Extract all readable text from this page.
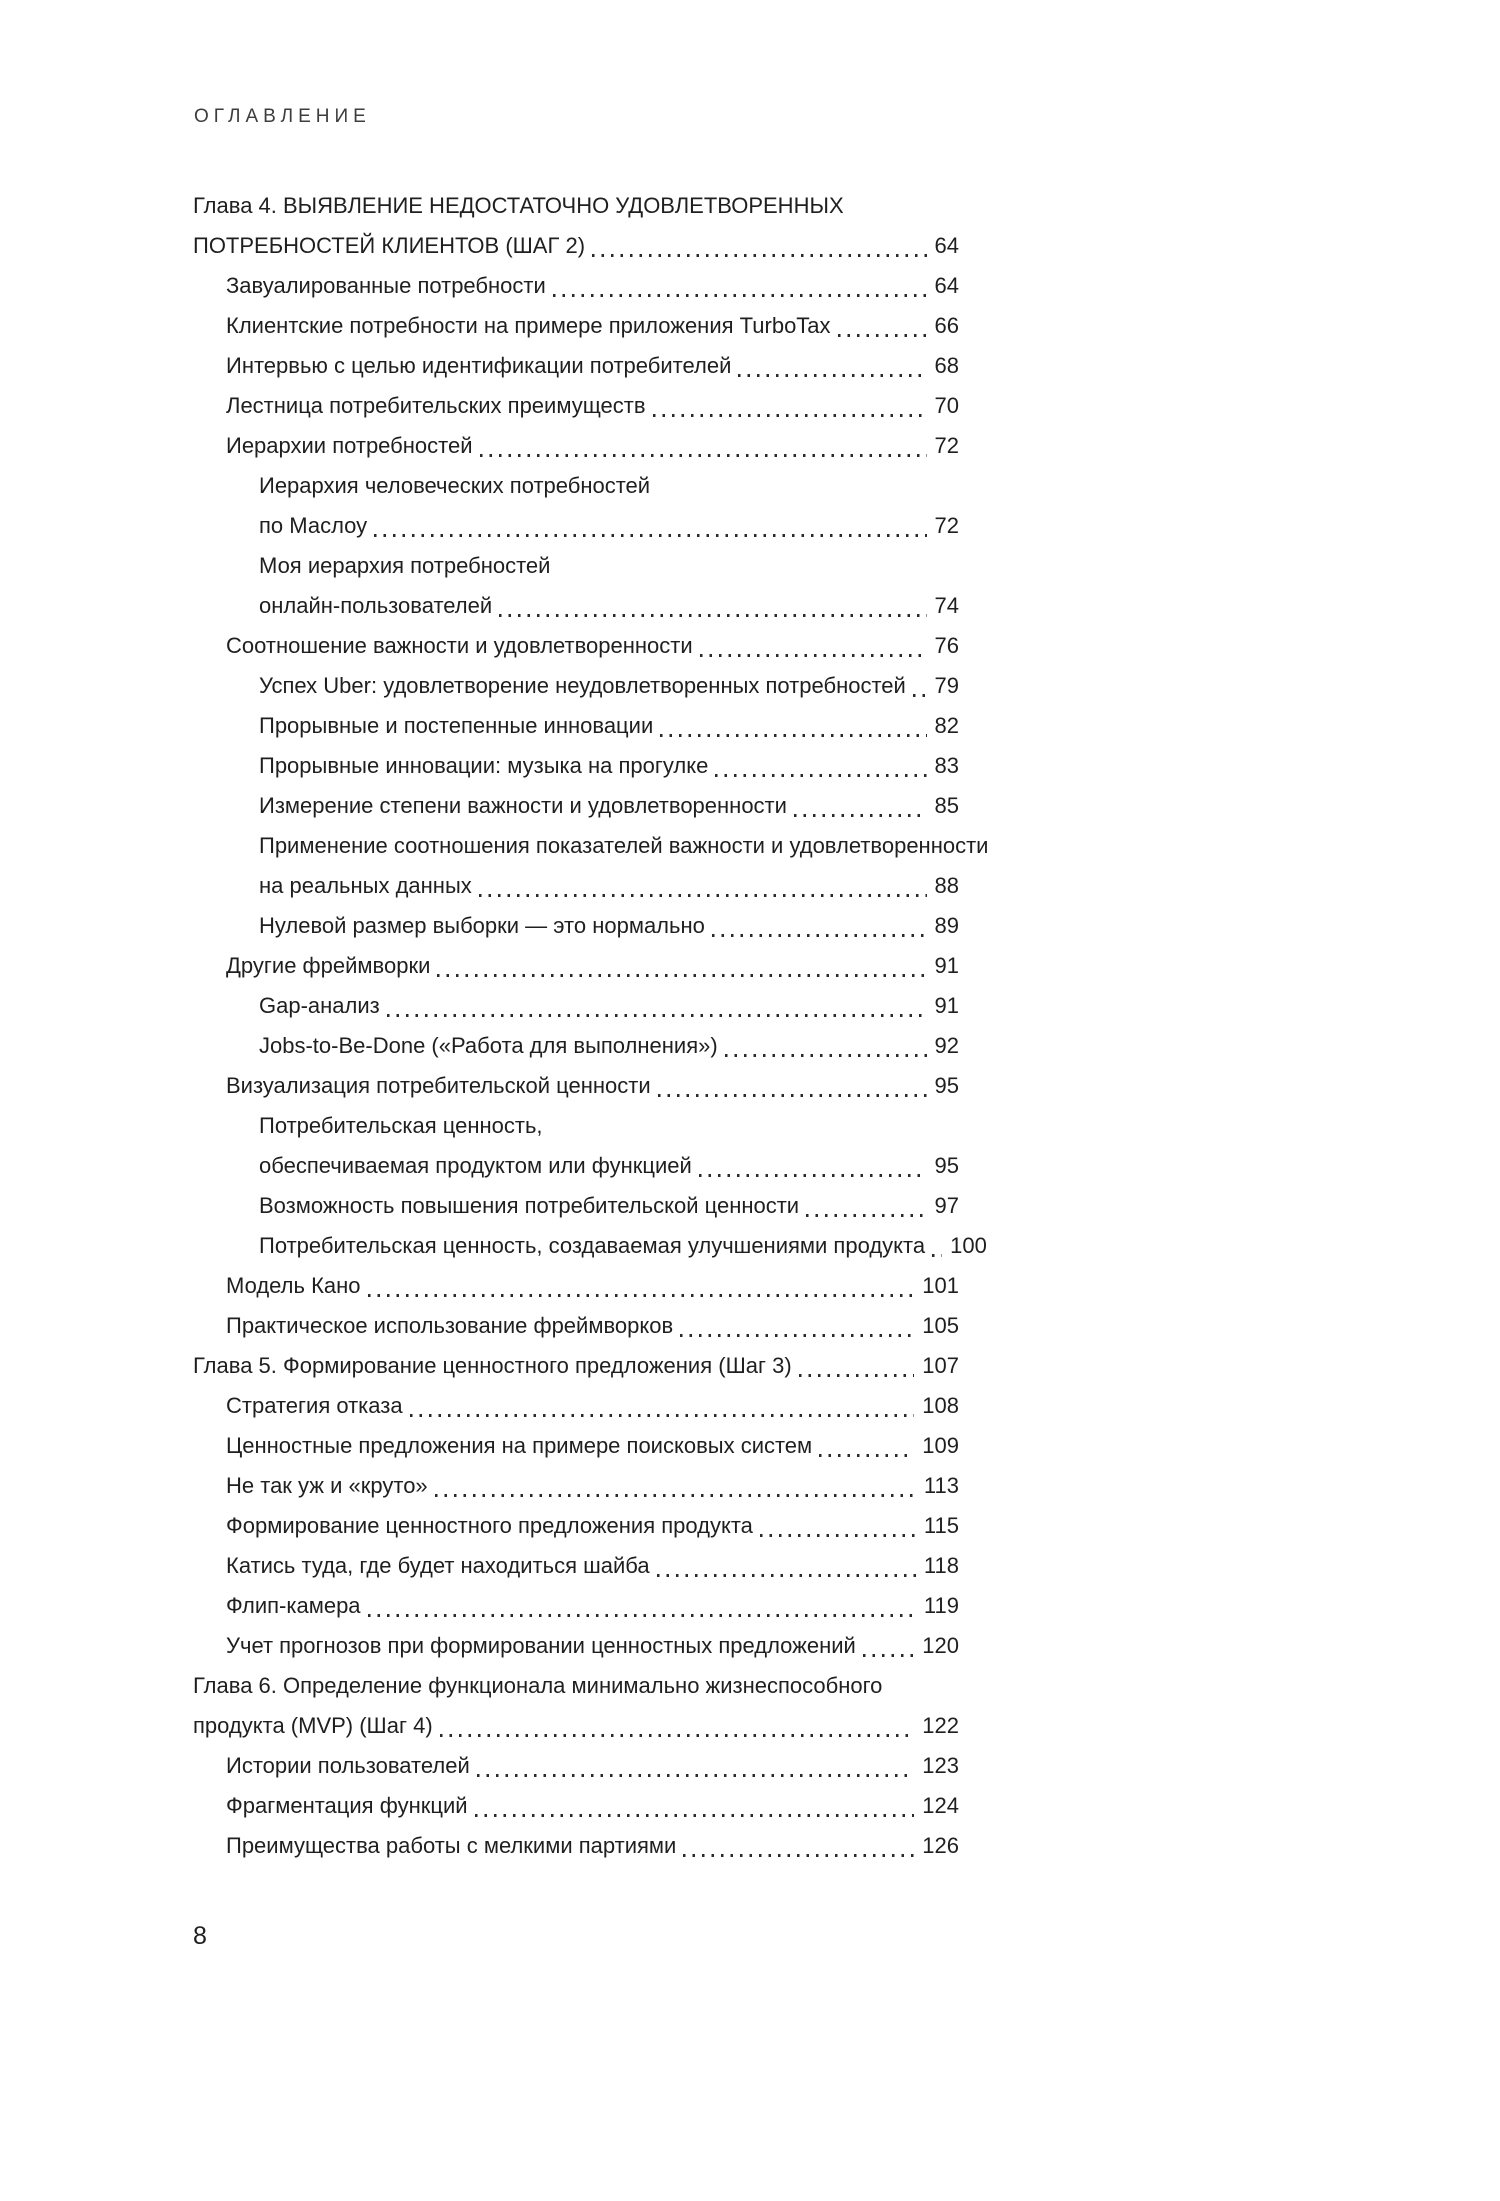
ОГЛАВЛЕНИЕ
Глава 4. ВЫЯВЛЕНИЕ НЕДОСТАТОЧНО УДОВЛЕТВОРЕННЫХ
ПОТРЕБНОСТЕЙ КЛИЕНТОВ (ШАГ 2)	64
Завуалированные потребности	64
Клиентские потребности на примере приложения TurboTax	66
Интервью с целью идентификации потребителей	68
Лестница потребительских преимуществ	70
Иерархии потребностей	72
Иерархия человеческих потребностей
по Маслоу	72
Моя иерархия потребностей
онлайн-пользователей	74
Соотношение важности и удовлетворенности	76
Успех Uber: удовлетворение неудовлетворенных потребностей 79
Прорывные и постепенные инновации	82
Прорывные инновации: музыка на прогулке	83
Измерение степени важности и удовлетворенности	85
Применение соотношения показателей важности и удовлетворенности
на реальных данных	88
Нулевой размер выборки — это нормально	89
Другие фреймворки	91
Gap-анализ	91
Jobs-to-Be-Done («Работа для выполнения»)	92
Визуализация потребительской ценности	95
Потребительская ценность,
обеспечиваемая продуктом или функцией	95
Возможность повышения потребительской ценности	97
Потребительская ценность, создаваемая улучшениями продукта 100
Модель Кано	101
Практическое использование фреймворков	105
Глава 5. Формирование ценностного предложения (Шаг 3)	107
Стратегия отказа	108
Ценностные предложения на примере поисковых систем	109
Не так уж и «круто»	113
Формирование ценностного предложения продукта	115
Катись туда, где будет находиться шайба	118
Флип-камера	119
Учет прогнозов при формировании ценностных предложений	120
Глава 6. Определение функционала минимально жизнеспособного
продукта (MVP) (Шаг 4)	122
Истории пользователей	123
Фрагментация функций	124
Преимущества работы с мелкими партиями	126
8
